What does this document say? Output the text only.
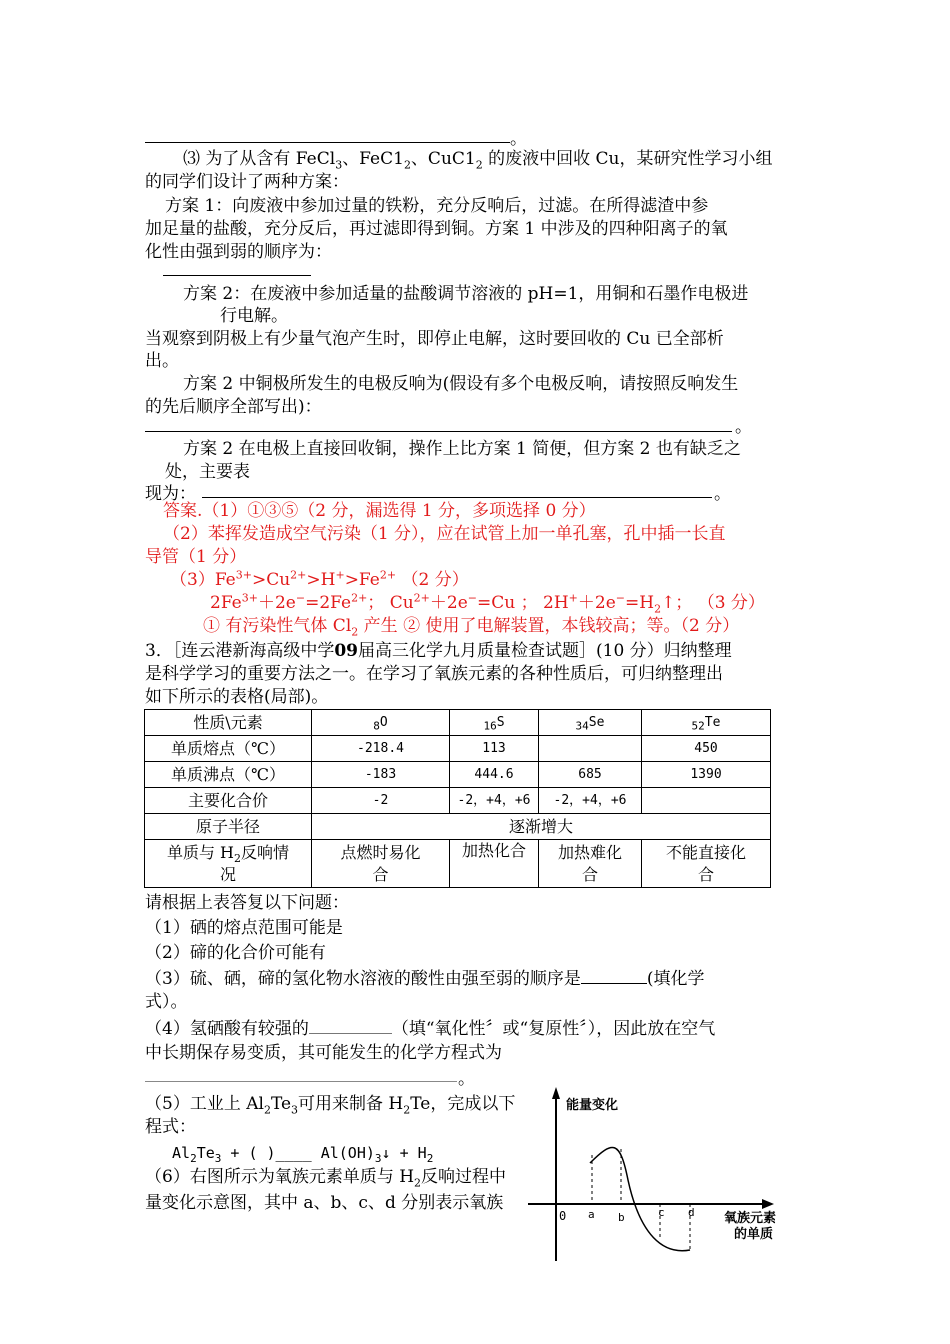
。
⑶ 为了从含有 FeCl$_3$、$FeC1_2$、$CuC1_2$ 的废液中回收 Cu，某研究性学习小组
的同学们设计了两种方案：
方案 1：向废液中参加过量的铁粉，充分反响后，过滤。在所得滤渣中参
加足量的盐酸，充分反后，再过滤即得到铜。方案 1 中涉及的四种阳离子的氧
化性由强到弱的顺序为：
方案 2：在废液中参加适量的盐酸调节溶液的 pH=1，用铜和石墨作电极进
行电解。
当观察到阴极上有少量气泡产生时，即停止电解，这时要回收的 Cu 已全部析
出。
方案 2 中铜极所发生的电极反响为(假设有多个电极反响，请按照反响发生
的先后顺序全部写出)：
。
方案 2 在电极上直接回收铜，操作上比方案 1 简便，但方案 2 也有缺乏之
处，主要表
现为：	。
答案.（1）①③⑤（2 分，漏选得 1 分，多项选择 0 分）
（2）苯挥发造成空气污染（1 分），应在试管上加一单孔塞，孔中插一长直
导管（1 分）
$(3)Fe^{3+}>Cu^{2+}>H^+>Fe^{2+}$ （2 分）
$2Fe^{3+}+2e^-=2Fe^{2+}$； $Cu^{2+}+2e^-=Cu$ ； $2H^++2e^-=H_2↑$； （3 分）
① 有污染性气体 $Cl_2$ 产生 ② 使用了电解装置，本钱较高；等。（2 分）
3．［连云港新海高级中学09届高三化学九月质量检查试题］(10 分）归纳整理
是科学学习的重要方法之一。在学习了氧族元素的各种性质后，可归纳整理出
如下所示的表格(局部)。
性质\元素	$_8$O	$_{16}$S	$_{34}$Se	$_{52}$Te
单质熔点（℃）	-218.4	113		450
单质沸点（℃）	-183	444.6	685	1390
主要化合价	-2	-2，+4，+6	-2，+4，+6	
原子半径	逐渐增大			
单质与 $H_2$反响情
况	点燃时易化
合	加热化合	加热难化
合	不能直接化
合
请根据上表答复以下问题：
（1）硒的熔点范围可能是
（2）碲的化合价可能有
（3）硫、硒，碲的氢化物水溶液的酸性由强至弱的顺序是	(填化学
式）。
（4）氢硒酸有较强的	（填“氧化性〞或“复原性〞），因此放在空气
中长期保存易变质，其可能发生的化学方程式为
。
（5）工业上 $Al_2Te_3$可用来制备 $H_2Te$，完成以下
程式：
$Al_2Te_3$ + ( )____ $Al(OH)_3↓ + H_2$
（6）右图所示为氧族元素单质与 $H_2$反响过程中
量变化示意图，其中 a、b、c、d 分别表示氧族
能量变化
0 a b	c d 氧族元素
的单质
